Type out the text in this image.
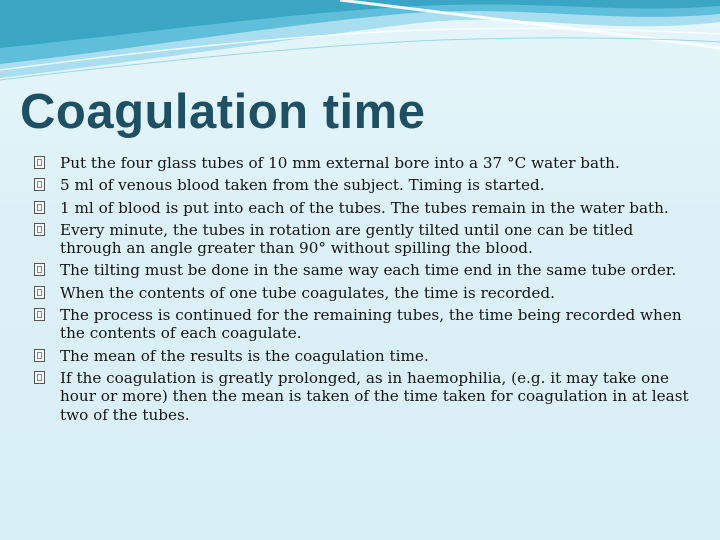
Coagulation time
Put the four glass tubes of 10 mm external bore into a 37 °C water bath.
5 ml of venous blood taken from the subject. Timing is started.
1 ml of blood is put into each of the tubes. The tubes remain in the water bath.
Every minute, the tubes in rotation are gently tilted until one can be titled through an angle greater than 90° without spilling the blood.
The tilting must be done in the same way each time end in the same tube order.
When the contents of one tube coagulates, the time is recorded.
The process is continued for the remaining tubes, the time being recorded when the contents of each coagulate.
The mean of the results is the coagulation time.
If the coagulation is greatly prolonged, as in haemophilia, (e.g. it may take one hour or more) then the mean is taken of the time taken for coagulation in at least two of the tubes.
